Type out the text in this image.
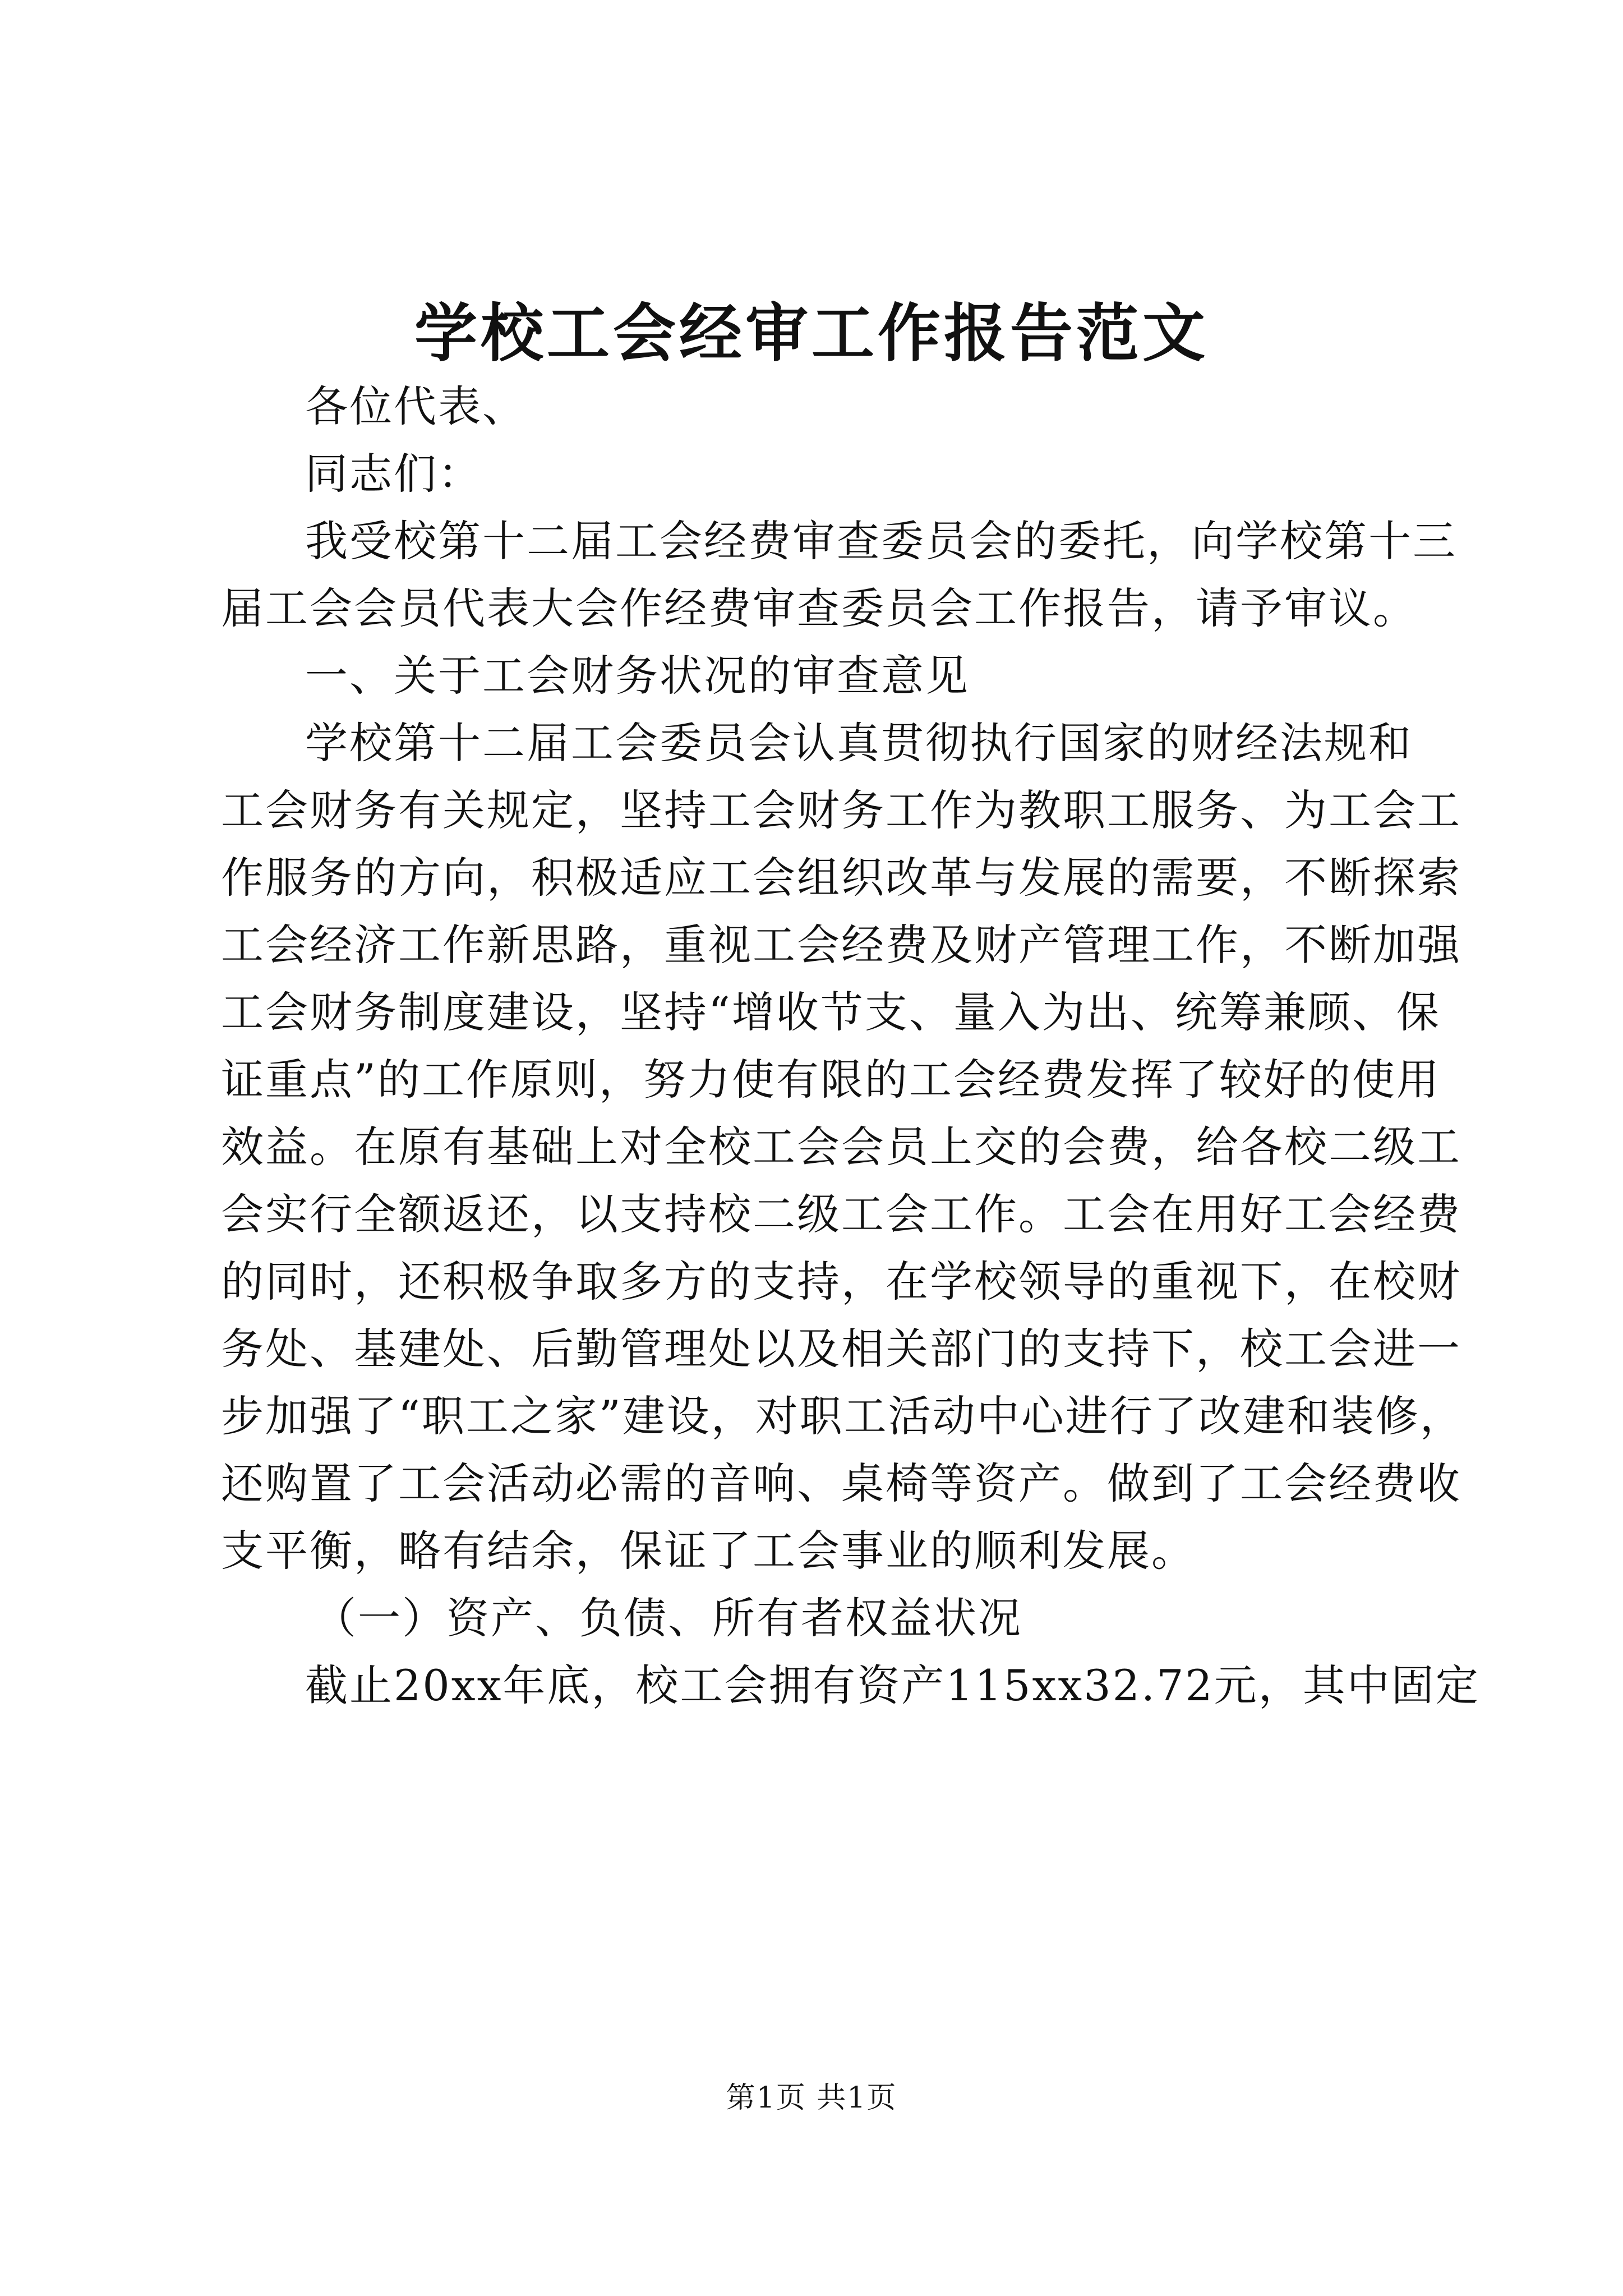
学校工会经审工作报告范文
各位代表、
同志们：
我受校第十二届工会经费审查委员会的委托，向学校第十三
届工会会员代表大会作经费审查委员会工作报告，请予审议。
一、关于工会财务状况的审查意见
学校第十二届工会委员会认真贯彻执行国家的财经法规和
工会财务有关规定，坚持工会财务工作为教职工服务、为工会工
作服务的方向，积极适应工会组织改革与发展的需要，不断探索
工会经济工作新思路，重视工会经费及财产管理工作，不断加强
工会财务制度建设，坚持“增收节支、量入为出、统筹兼顾、保
证重点”的工作原则，努力使有限的工会经费发挥了较好的使用
效益。在原有基础上对全校工会会员上交的会费，给各校二级工
会实行全额返还，以支持校二级工会工作。工会在用好工会经费
的同时，还积极争取多方的支持，在学校领导的重视下，在校财
务处、基建处、后勤管理处以及相关部门的支持下，校工会进一
步加强了“职工之家”建设，对职工活动中心进行了改建和装修，
还购置了工会活动必需的音响、桌椅等资产。做到了工会经费收
支平衡，略有结余，保证了工会事业的顺利发展。
（一）资产、负债、所有者权益状况
截止20xx年底，校工会拥有资产115xx32.72元，其中固定
第1页 共1页
